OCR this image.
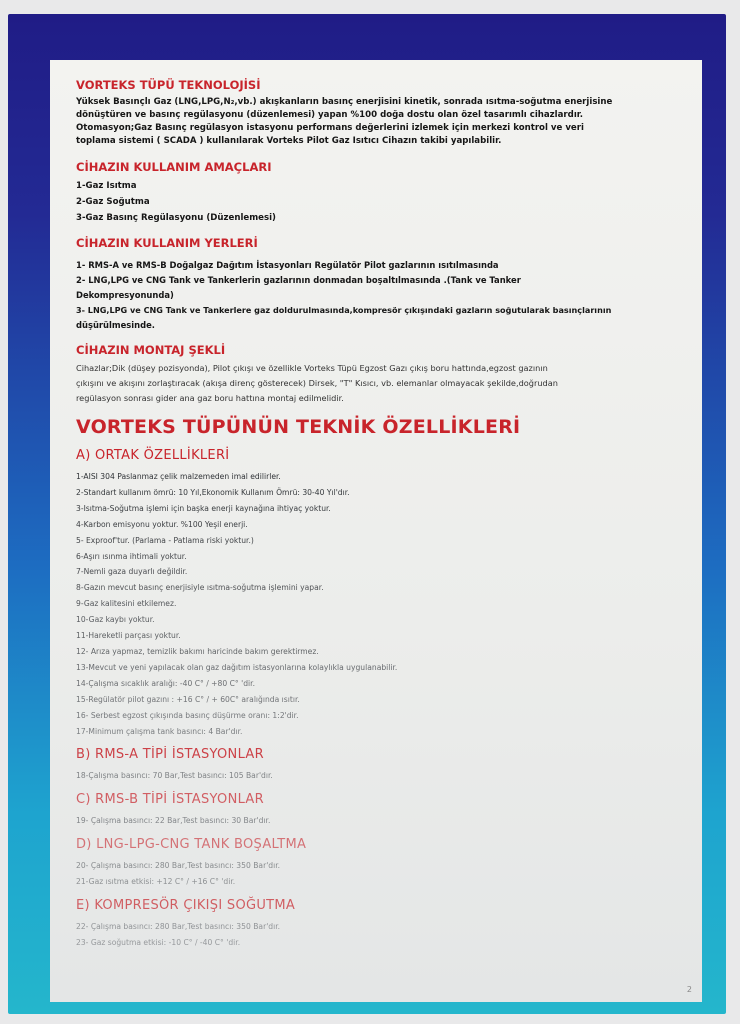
VORTEKS TÜPÜ TEKNOLOJİSİ

Yüksek Basınçlı Gaz (LNG,LPG,N₂,vb.) akışkanların basınç enerjisini kinetik, sonrada ısıtma-soğutma enerjisine

dönüştüren ve basınç regülasyonu (düzenlemesi) yapan %100 doğa dostu olan özel tasarımlı cihazlardır.

Otomasyon;Gaz Basınç regülasyon istasyonu performans değerlerini izlemek için merkezi kontrol ve veri

toplama sistemi ( SCADA ) kullanılarak Vorteks Pilot Gaz Isıtıcı Cihazın takibi yapılabilir.

CİHAZIN KULLANIM AMAÇLARI

1-Gaz Isıtma

2-Gaz Soğutma

3-Gaz Basınç Regülasyonu (Düzenlemesi)

CİHAZIN KULLANIM YERLERİ

1- RMS-A ve RMS-B Doğalgaz Dağıtım İstasyonları Regülatör Pilot gazlarının ısıtılmasında

2- LNG,LPG ve CNG Tank ve Tankerlerin gazlarının donmadan boşaltılmasında .(Tank ve Tanker

Dekompresyonunda)

3- LNG,LPG ve CNG Tank ve Tankerlere gaz doldurulmasında,kompresör çıkışındaki gazların soğutularak basınçlarının

düşürülmesinde.

CİHAZIN MONTAJ ŞEKLİ

Cihazlar;Dik (düşey pozisyonda), Pilot çıkışı ve özellikle Vorteks Tüpü Egzost Gazı çıkış boru hattında,egzost gazının

çıkışını ve akışını zorlaştıracak (akışa direnç gösterecek) Dirsek, "T" Kısıcı, vb. elemanlar olmayacak şekilde,doğrudan

regülasyon sonrası gider ana gaz boru hattına montaj edilmelidir.

VORTEKS TÜPÜNÜN TEKNİK ÖZELLİKLERİ
A) ORTAK ÖZELLİKLERİ

1-AISI 304 Paslanmaz çelik malzemeden imal edilirler.

2-Standart kullanım ömrü: 10 Yıl,Ekonomik Kullanım Ömrü: 30-40 Yıl'dır.

3-Isıtma-Soğutma işlemi için başka enerji kaynağına ihtiyaç yoktur.

4-Karbon emisyonu yoktur. %100 Yeşil enerji.

5- Exproof'tur. (Parlama - Patlama riski yoktur.)

6-Aşırı ısınma ihtimali yoktur.

7-Nemli gaza duyarlı değildir.

8-Gazın mevcut basınç enerjisiyle ısıtma-soğutma işlemini yapar.

9-Gaz kalitesini etkilemez.

10-Gaz kaybı yoktur.

11-Hareketli parçası yoktur.

12- Arıza yapmaz, temizlik bakımı haricinde bakım gerektirmez.

13-Mevcut ve yeni yapılacak olan gaz dağıtım istasyonlarına kolaylıkla uygulanabilir.

14-Çalışma sıcaklık aralığı: -40 C° / +80 C° 'dir.

15-Regülatör pilot gazını : +16 C° / + 60C° aralığında ısıtır.

16- Serbest egzost çıkışında basınç düşürme oranı: 1:2'dir.

17-Minimum çalışma tank basıncı: 4 Bar'dır.

B) RMS-A TİPİ İSTASYONLAR

18-Çalışma basıncı: 70 Bar,Test basıncı: 105 Bar'dır.

C) RMS-B TİPİ İSTASYONLAR

19- Çalışma basıncı: 22 Bar,Test basıncı: 30 Bar'dır.

D) LNG-LPG-CNG TANK BOŞALTMA

20- Çalışma basıncı: 280 Bar,Test basıncı: 350 Bar'dır.

21-Gaz ısıtma etkisi: +12 C° / +16 C° 'dir.

E) KOMPRESÖR ÇIKIŞI SOĞUTMA

22- Çalışma basıncı: 280 Bar,Test basıncı: 350 Bar'dır.

23- Gaz soğutma etkisi: -10 C° / -40 C° 'dir.

2
